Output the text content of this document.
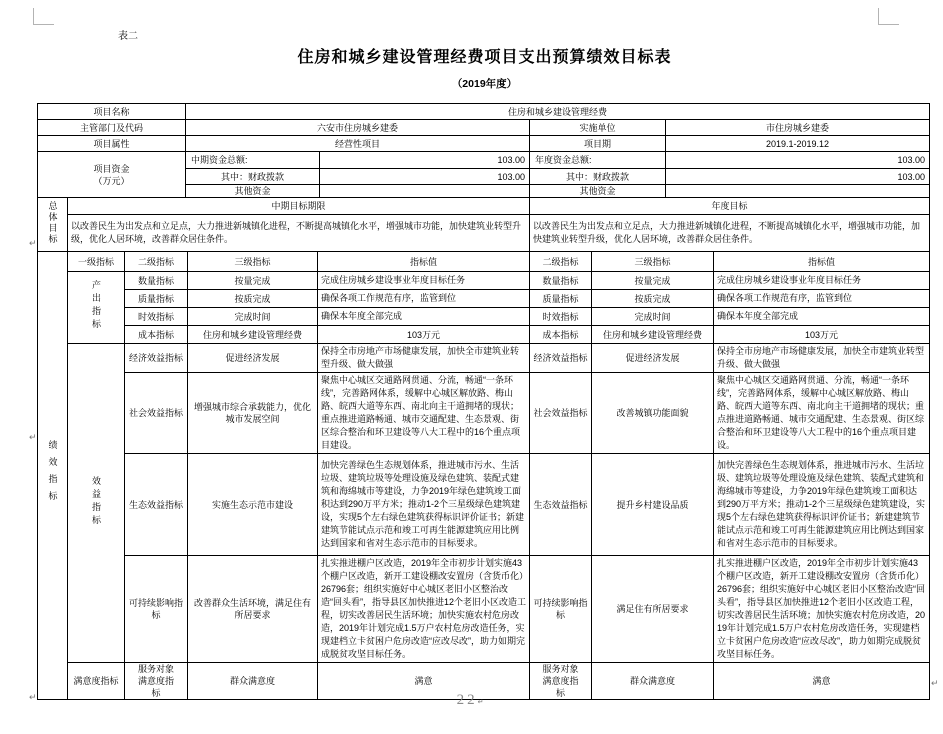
表二
住房和城乡建设管理经费项目支出预算绩效目标表
（2019年度）
项目名称	住房和城乡建设管理经费			
主管部门及代码	六安市住房城乡建委		实施单位	市住房城乡建委
项目属性	经营性项目		项目期	2019.1-2019.12
项目资金（万元）	中期资金总额:	103.00	年度资金总额:	103.00
	其中：财政拨款	103.00	其中：财政拨款	103.00
	其他资金		其他资金	
总体目标	中期目标期限	年度目标
	以改善民生为出发点和立足点，大力推进新城镇化进程，不断提高城镇化水平，增强城市功能，加快建筑业转型升级，优化人居环境，改善群众居住条件。	以改善民生为出发点和立足点，大力推进新城镇化进程，不断提高城镇化水平，增强城市功能，加快建筑业转型升级，优化人居环境，改善群众居住条件。
绩效指标	一级指标	二级指标	三级指标	指标值	二级指标	三级指标	指标值
	产出指标	数量指标	按量完成	完成住房城乡建设事业年度目标任务	数量指标	按量完成	完成住房城乡建设事业年度目标任务
		质量指标	按质完成	确保各项工作规范有序，监管到位	质量指标	按质完成	确保各项工作规范有序，监管到位
		时效指标	完成时间	确保本年度全部完成	时效指标	完成时间	确保本年度全部完成
		成本指标	住房和城乡建设管理经费	103万元	成本指标	住房和城乡建设管理经费	103万元
	效益指标	经济效益指标	促进经济发展	保持全市房地产市场健康发展，加快全市建筑业转型升级、做大做强	经济效益指标	促进经济发展	保持全市房地产市场健康发展，加快全市建筑业转型升级、做大做强
		社会效益指标	增强城市综合承载能力，优化城市发展空间	聚焦中心城区交通路网贯通、分流，畅通“一条环线”，完善路网体系，缓解中心城区解放路、梅山路、皖西大道等东西、南北向主干道拥堵的现状；重点推进道路畅通、城市交通配建、生态景观、街区综合整治和环卫建设等八大工程中的16个重点项目建设。	社会效益指标	改善城镇功能面貌	聚焦中心城区交通路网贯通、分流，畅通“一条环线”，完善路网体系，缓解中心城区解放路、梅山路、皖西大道等东西、南北向主干道拥堵的现状；重点推进道路畅通、城市交通配建、生态景观、街区综合整治和环卫建设等八大工程中的16个重点项目建设。
		生态效益指标	实施生态示范市建设	加快完善绿色生态规划体系，推进城市污水、生活垃圾、建筑垃圾等处理设施及绿色建筑、装配式建筑和海绵城市等建设，力争2019年绿色建筑竣工面积达到290万平方米；推动1-2个三星级绿色建筑建设，实现5个左右绿色建筑获得标识评价证书；新建建筑节能试点示范和竣工可再生能源建筑应用比例达到国家和省对生态示范市的目标要求。	生态效益指标	提升乡村建设品质	加快完善绿色生态规划体系，推进城市污水、生活垃圾、建筑垃圾等处理设施及绿色建筑、装配式建筑和海绵城市等建设，力争2019年绿色建筑竣工面积达到290万平方米；推动1-2个三星级绿色建筑建设，实现5个左右绿色建筑获得标识评价证书；新建建筑节能试点示范和竣工可再生能源建筑应用比例达到国家和省对生态示范市的目标要求。
		可持续影响指标	改善群众生活环境，满足住有所居要求	扎实推进棚户区改造，2019年全市初步计划实施43个棚户区改造，新开工建设棚改安置房（含货币化）26796套；组织实施好中心城区老旧小区整治改造“回头看”，指导县区加快推进12个老旧小区改造工程，切实改善居民生活环境；加快实施农村危房改造，2019年计划完成1.5万户农村危房改造任务，实现建档立卡贫困户危房改造“应改尽改”，助力如期完成脱贫攻坚目标任务。	可持续影响指标	满足住有所居要求	扎实推进棚户区改造，2019年全市初步计划实施43个棚户区改造，新开工建设棚改安置房（含货币化）26796套；组织实施好中心城区老旧小区整治改造“回头看”，指导县区加快推进12个老旧小区改造工程，切实改善居民生活环境；加快实施农村危房改造，2019年计划完成1.5万户农村危房改造任务，实现建档立卡贫困户危房改造“应改尽改”，助力如期完成脱贫攻坚目标任务。
	满意度指标	服务对象满意度指标	群众满意度	满意	服务对象满意度指标	群众满意度	满意
↵
↵
↵
↵	22↵
